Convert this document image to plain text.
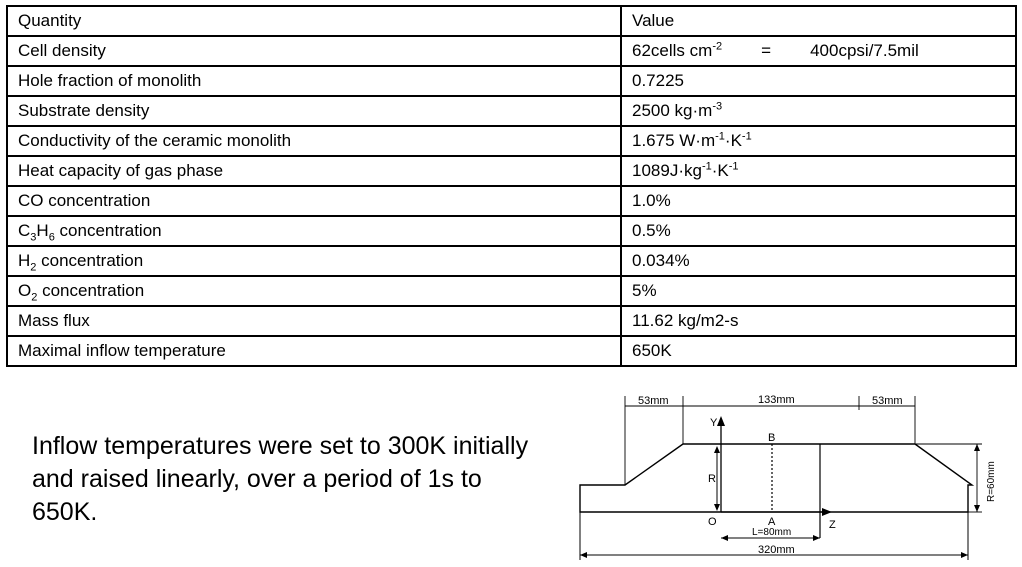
Quantity	Value
Cell density	62cells $cm^{-2}$ = 400cpsi/7.5mil
Hole fraction of monolith	0.7225
Substrate density	2500 $kg\cdot m^{-3}$
Conductivity of the ceramic monolith	1.675 $W\cdot m^{-1}\cdot K^{-1}$
Heat capacity of gas phase	$1089J\cdot kg^{-1}\cdot K^{-1}$
CO concentration	1.0%
$C_3H_6$ concentration	0.5%
$H_2$ concentration	0.034%
$O_2$ concentration	5%
Mass flux	11.62 kg/m2-s
Maximal inflow temperature	650K

Inflow temperatures were set to 300K initially and raised linearly, over a period of 1s to 650K.

Y
Z
R
O
B
A
53mm	133mm	53mm
320mm
L=80mm
R=60mm
